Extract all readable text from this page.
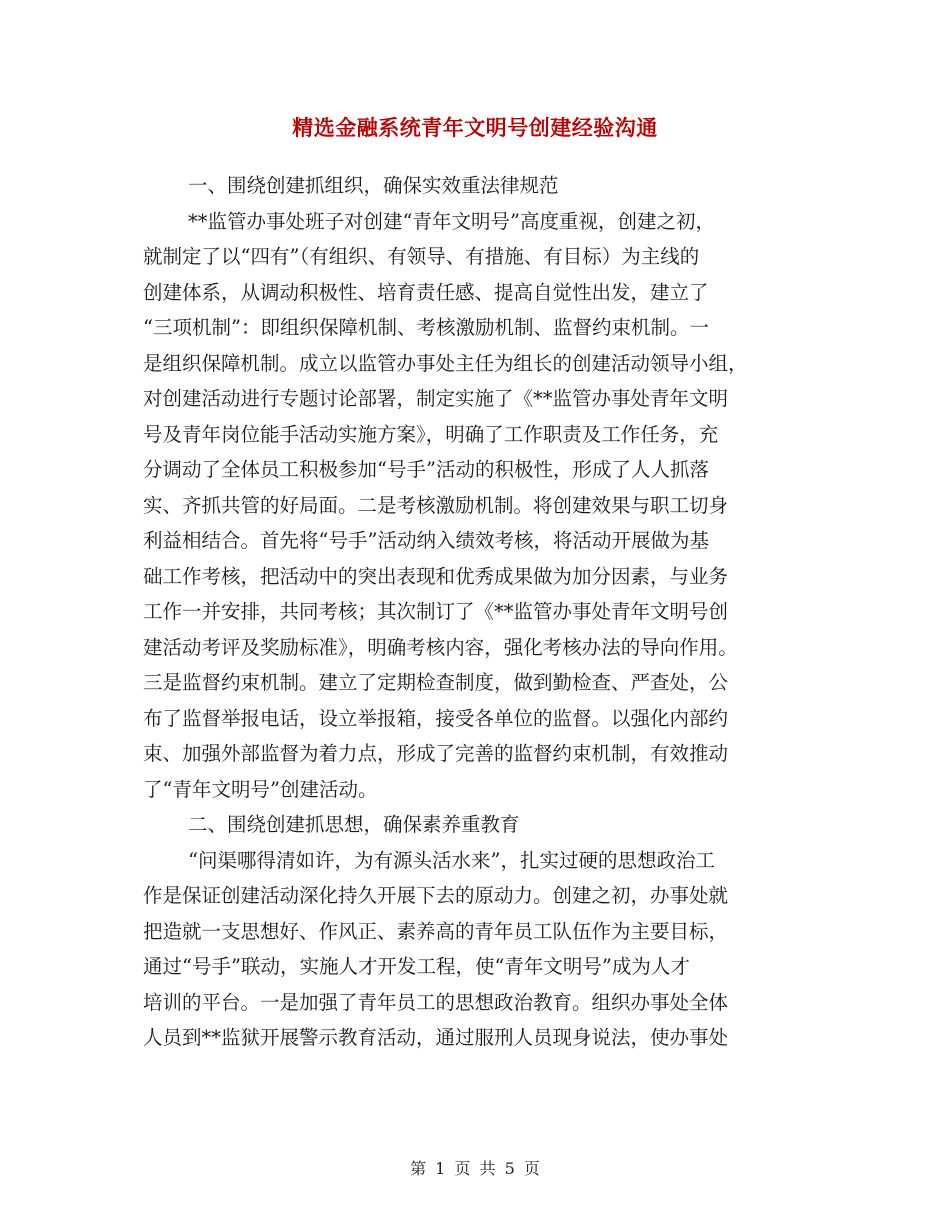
精选金融系统青年文明号创建经验沟通
一、围绕创建抓组织，确保实效重法律规范
**监管办事处班子对创建“青年文明号”高度重视，创建之初，
就制定了以“四有”（有组织、有领导、有措施、有目标）为主线的
创建体系，从调动积极性、培育责任感、提高自觉性出发，建立了
“三项机制”：即组织保障机制、考核激励机制、监督约束机制。一
是组织保障机制。成立以监管办事处主任为组长的创建活动领导小组，
对创建活动进行专题讨论部署，制定实施了《**监管办事处青年文明
号及青年岗位能手活动实施方案》，明确了工作职责及工作任务，充
分调动了全体员工积极参加“号手”活动的积极性，形成了人人抓落
实、齐抓共管的好局面。二是考核激励机制。将创建效果与职工切身
利益相结合。首先将“号手”活动纳入绩效考核，将活动开展做为基
础工作考核，把活动中的突出表现和优秀成果做为加分因素，与业务
工作一并安排，共同考核；其次制订了《**监管办事处青年文明号创
建活动考评及奖励标准》，明确考核内容，强化考核办法的导向作用。
三是监督约束机制。建立了定期检查制度，做到勤检查、严查处，公
布了监督举报电话，设立举报箱，接受各单位的监督。以强化内部约
束、加强外部监督为着力点，形成了完善的监督约束机制，有效推动
了“青年文明号”创建活动。
二、围绕创建抓思想，确保素养重教育
“问渠哪得清如许，为有源头活水来”，扎实过硬的思想政治工
作是保证创建活动深化持久开展下去的原动力。创建之初，办事处就
把造就一支思想好、作风正、素养高的青年员工队伍作为主要目标，
通过“号手”联动，实施人才开发工程，使“青年文明号”成为人才
培训的平台。一是加强了青年员工的思想政治教育。组织办事处全体
人员到**监狱开展警示教育活动，通过服刑人员现身说法，使办事处
第 1 页 共 5 页
